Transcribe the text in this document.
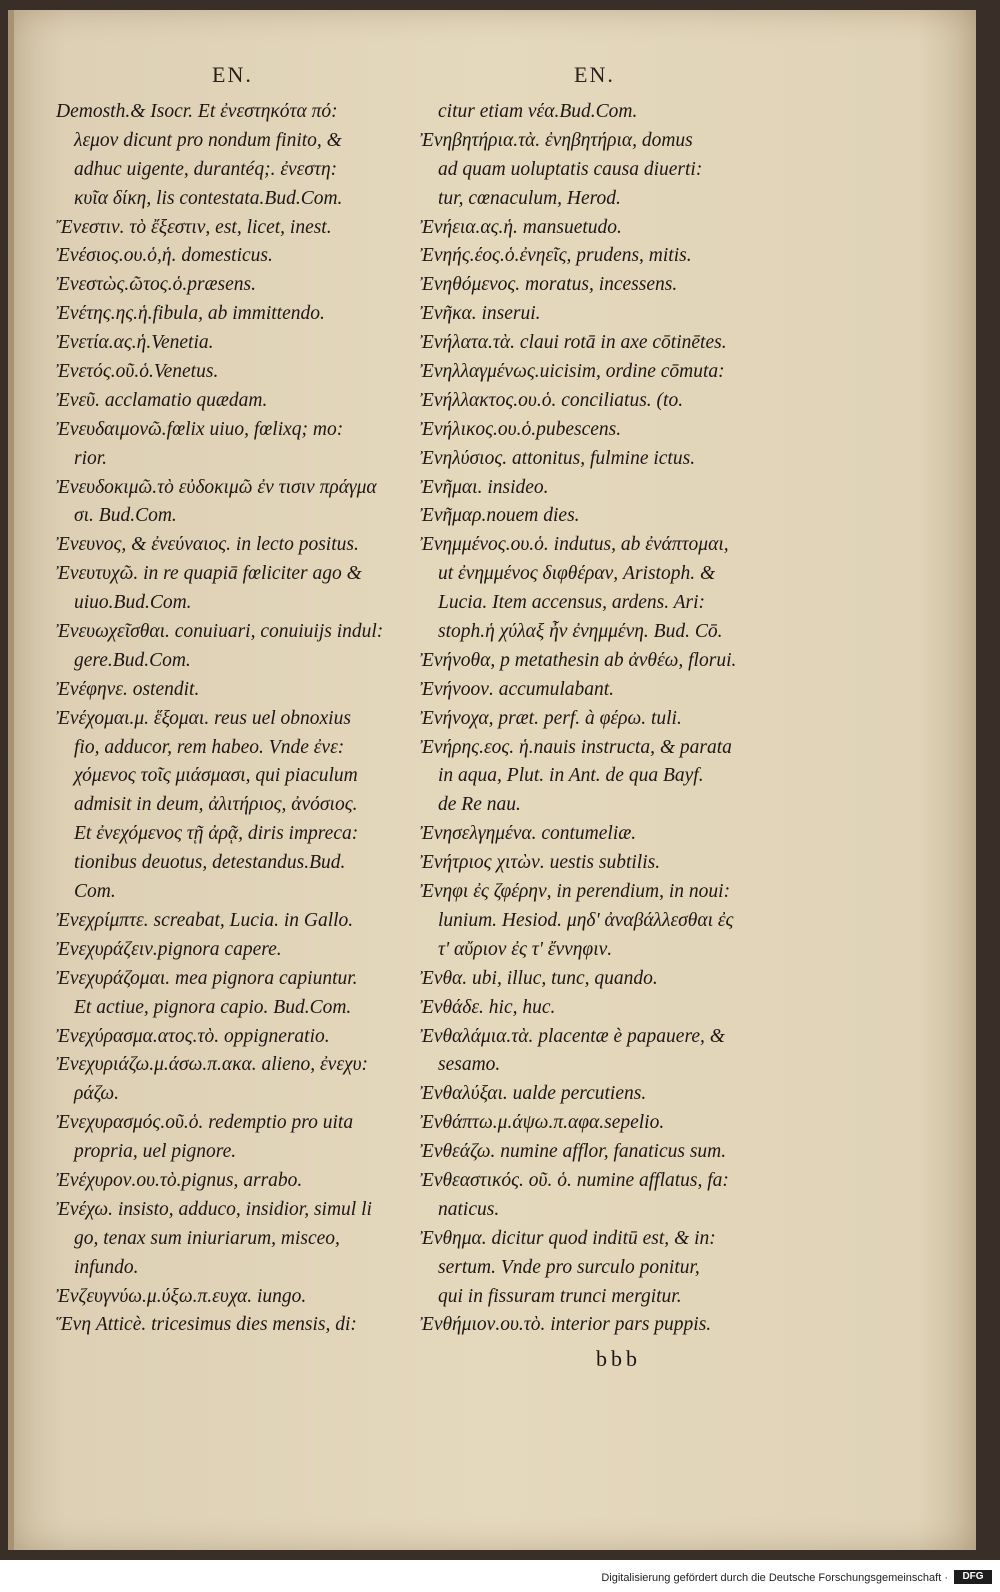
EN.	EN.
Demosth.& Isocr. Et ἐνεστηκότα πό:
λεμον dicunt pro nondum finito, &
adhuc uigente, durantéq;. ἐνεστη:
κυῖα δίκη, lis contestata.Bud.Com.
Ἔνεστιν. τὸ ἔξεστιν, est, licet, inest.
Ἐνέσιος.ου.ὁ,ἡ. domesticus.
Ἐνεστὼς.ῶτος.ὁ.præsens.
Ἐνέτης.ης.ἡ.fibula, ab immittendo.
Ἐνετία.ας.ἡ.Venetia.
Ἐνετός.οῦ.ὁ.Venetus.
Ἐνεῦ. acclamatio quædam.
Ἐνευδαιμονῶ.fœlix uiuo, fœlixq; mo:
rior.
Ἐνευδοκιμῶ.τὸ εὐδοκιμῶ ἐν τισιν πράγμα
σι. Bud.Com.
Ἐνευνος, & ἐνεύναιος. in lecto positus.
Ἐνευτυχῶ. in re quapiā fœliciter ago &
uiuo.Bud.Com.
Ἐνευωχεῖσθαι. conuiuari, conuiuijs indul:
gere.Bud.Com.
Ἐνέφηνε. ostendit.
Ἐνέχομαι.μ. ἕξομαι. reus uel obnoxius
fio, adducor, rem habeo. Vnde ἐνε:
χόμενος τοῖς μιάσμασι, qui piaculum
admisit in deum, ἀλιτήριος, ἀνόσιος.
Et ἐνεχόμενος τῇ ἀρᾷ, diris impreca:
tionibus deuotus, detestandus.Bud.
Com.
Ἐνεχρίμπτε. screabat, Lucia. in Gallo.
Ἐνεχυράζειν.pignora capere.
Ἐνεχυράζομαι. mea pignora capiuntur.
Et actiue, pignora capio. Bud.Com.
Ἐνεχύρασμα.ατος.τὸ. oppigneratio.
Ἐνεχυριάζω.μ.άσω.π.ακα. alieno, ἐνεχυ:
ράζω.
Ἐνεχυρασμός.οῦ.ὁ. redemptio pro uita
propria, uel pignore.
Ἐνέχυρον.ου.τὸ.pignus, arrabo.
Ἐνέχω. insisto, adduco, insidior, simul li
go, tenax sum iniuriarum, misceo,
infundo.
Ἐνζευγνύω.μ.ύξω.π.ευχα. iungo.
Ἕνη Atticè. tricesimus dies mensis, di:
citur etiam νέα.Bud.Com.
Ἐνηβητήρια.τὰ. ἐνηβητήρια, domus
ad quam uoluptatis causa diuerti:
tur, cœnaculum, Herod.
Ἐνήεια.ας.ἡ. mansuetudo.
Ἐνηής.έος.ὁ.ἐνηεῖς, prudens, mitis.
Ἐνηθόμενος. moratus, incessens.
Ἐνῆκα. inserui.
Ἐνήλατα.τὰ. claui rotā in axe cōtinētes.
Ἐνηλλαγμένως.uicisim, ordine cōmuta:
Ἐνήλλακτος.ου.ὁ. conciliatus. (to.
Ἐνήλικος.ου.ὁ.pubescens.
Ἐνηλύσιος. attonitus, fulmine ictus.
Ἐνῆμαι. insideo.
Ἐνῆμαρ.nouem dies.
Ἐνημμένος.ου.ὁ. indutus, ab ἐνάπτομαι,
ut ἐνημμένος διφθέραν, Aristoph. &
Lucia. Item accensus, ardens. Ari:
stoph.ἡ χύλαξ ἦν ἐνημμένη. Bud. Cō.
Ἐνήνοθα, p metathesin ab ἀνθέω, florui.
Ἐνήνοον. accumulabant.
Ἐνήνοχα, præt. perf. à φέρω. tuli.
Ἐνήρης.εος. ἡ.nauis instructa, & parata
in aqua, Plut. in Ant. de qua Bayf.
de Re nau.
Ἐνησελγημένα. contumeliæ.
Ἐνήτριος χιτὼν. uestis subtilis.
Ἐνηφι ἐς ζφέρην, in perendium, in noui:
lunium. Hesiod. μηδ' ἀναβάλλεσθαι ἐς
τ' αὔριον ἐς τ' ἔννηφιν.
Ἐνθα. ubi, illuc, tunc, quando.
Ἐνθάδε. hic, huc.
Ἐνθαλάμια.τὰ. placentæ è papauere, &
sesamo.
Ἐνθαλύξαι. ualde percutiens.
Ἐνθάπτω.μ.άψω.π.αφα.sepelio.
Ἐνθεάζω. numine afflor, fanaticus sum.
Ἐνθεαστικός. οῦ. ὁ. numine afflatus, fa:
naticus.
Ἐνθημα. dicitur quod inditū est, & in:
sertum. Vnde pro surculo ponitur,
qui in fissuram trunci mergitur.
Ἐνθήμιον.ου.τὸ. interior pars puppis.
bbb
Digitalisierung gefördert durch die Deutsche Forschungsgemeinschaft ·	DFG
